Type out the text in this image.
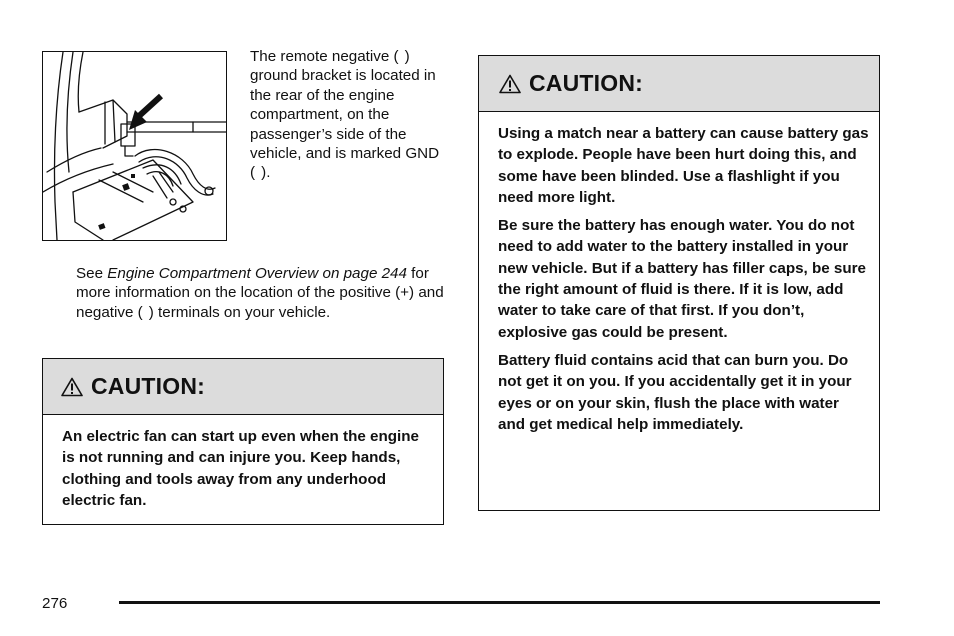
The remote negative (  ) ground bracket is located in the rear of the engine compartment, on the passenger’s side of the vehicle, and is marked GND (  ).

See Engine Compartment Overview on page 244 for more information on the location of the positive (+) and negative (  ) terminals on your vehicle.

CAUTION:

An electric fan can start up even when the engine is not running and can injure you. Keep hands, clothing and tools away from any underhood electric fan.

CAUTION:

Using a match near a battery can cause battery gas to explode. People have been hurt doing this, and some have been blinded. Use a flashlight if you need more light.

Be sure the battery has enough water. You do not need to add water to the battery installed in your new vehicle. But if a battery has filler caps, be sure the right amount of fluid is there. If it is low, add water to take care of that first. If you don’t, explosive gas could be present.

Battery fluid contains acid that can burn you. Do not get it on you. If you accidentally get it in your eyes or on your skin, flush the place with water and get medical help immediately.

276
